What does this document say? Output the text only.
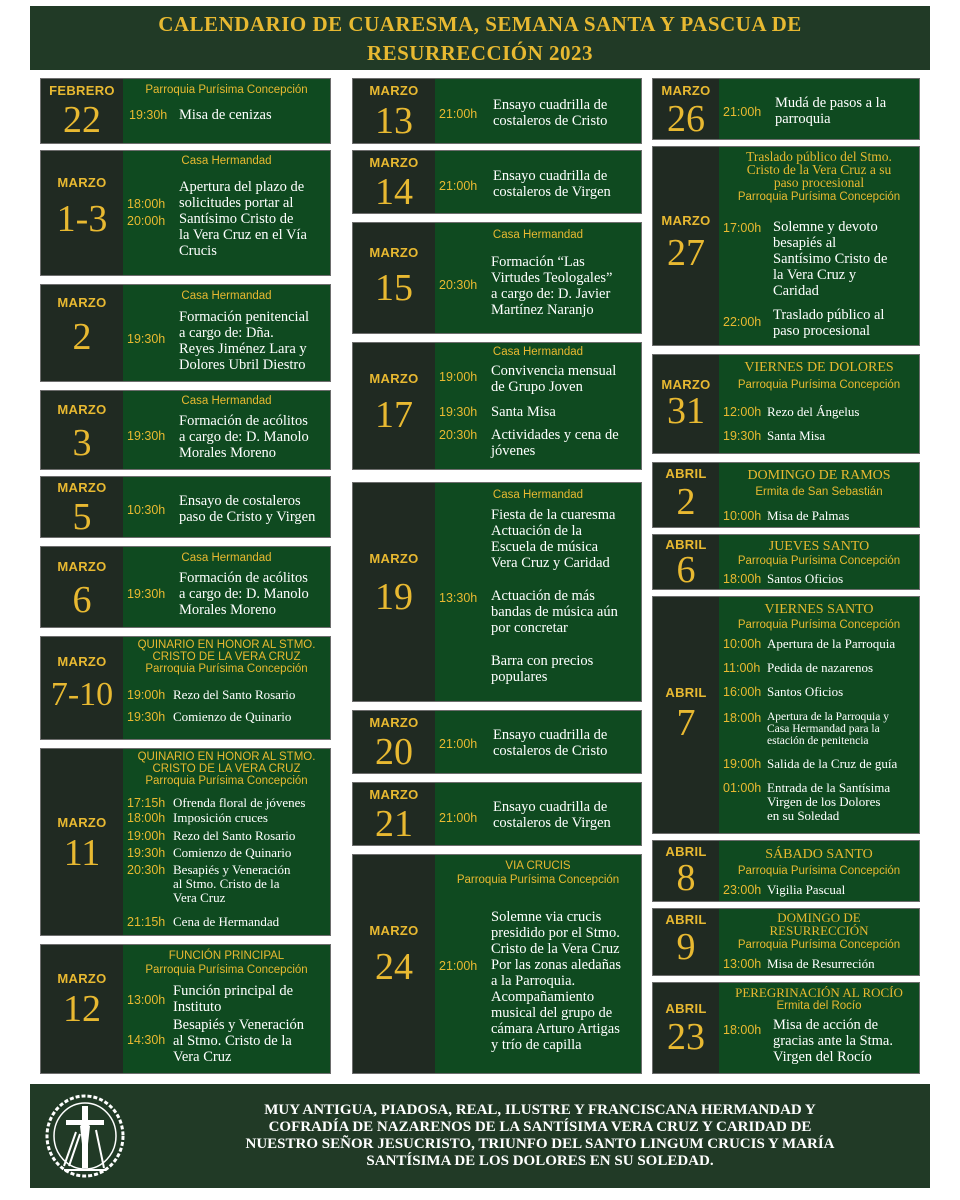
CALENDARIO DE CUARESMA, SEMANA SANTA Y PASCUA DE
RESURRECCIÓN 2023
FEBRERO
22
Parroquia Purísima Concepción
19:30h Misa de cenizas
MARZO
1-3
Casa Hermandad
18:00h
20:00h
Apertura del plazo de
solicitudes portar al
Santísimo Cristo de
la Vera Cruz en el Vía
Crucis
MARZO
2
Casa Hermandad
19:30h
Formación penitencial
a cargo de: Dña.
Reyes Jiménez Lara y
Dolores Ubril Diestro
MARZO
3
Casa Hermandad
19:30h
Formación de acólitos
a cargo de: D. Manolo
Morales Moreno
MARZO
5	10:30h
Ensayo de costaleros
paso de Cristo y Virgen
MARZO
6
Casa Hermandad
19:30h
Formación de acólitos
a cargo de: D. Manolo
Morales Moreno
MARZO
7-10
QUINARIO EN HONOR AL STMO.
CRISTO DE LA VERA CRUZ
Parroquia Purísima Concepción
19:00h Rezo del Santo Rosario
19:30h Comienzo de Quinario
MARZO
11
QUINARIO EN HONOR AL STMO.
CRISTO DE LA VERA CRUZ
Parroquia Purísima Concepción
17:15h Ofrenda floral de jóvenes
18:00h Imposición cruces
19:00h Rezo del Santo Rosario
19:30h Comienzo de Quinario
20:30h Besapiés y Veneración
al Stmo. Cristo de la
Vera Cruz
21:15h Cena de Hermandad
MARZO
12
FUNCIÓN PRINCIPAL
Parroquia Purísima Concepción
13:00h
Función principal de
Instituto
14:30h
Besapiés y Veneración
al Stmo. Cristo de la
Vera Cruz
MARZO
13	21:00h
Ensayo cuadrilla de
costaleros de Cristo
MARZO
14	21:00h
Ensayo cuadrilla de
costaleros de Virgen
MARZO
15
Casa Hermandad
20:30h
Formación “Las
Virtudes Teologales”
a cargo de: D. Javier
Martínez Naranjo
MARZO
17
Casa Hermandad
19:00h Convivencia mensual
de Grupo Joven
19:30h Santa Misa
20:30h Actividades y cena de
jóvenes
MARZO
19
Casa Hermandad
13:30h
Fiesta de la cuaresma
Actuación de la
Escuela de música
Vera Cruz y Caridad
Actuación de más
bandas de música aún
por concretar
Barra con precios
populares
MARZO
20	21:00h
Ensayo cuadrilla de
costaleros de Cristo
MARZO
21	21:00h
Ensayo cuadrilla de
costaleros de Virgen
MARZO
24
VIA CRUCIS
Parroquia Purísima Concepción
21:00h
Solemne via crucis
presidido por el Stmo.
Cristo de la Vera Cruz
Por las zonas aledañas
a la Parroquia.
Acompañamiento
musical del grupo de
cámara Arturo Artigas
y trío de capilla
MARZO
26	21:00h
Mudá de pasos a la
parroquia
MARZO
27
Traslado público del Stmo.
Cristo de la Vera Cruz a su
paso procesional
Parroquia Purísima Concepción
17:00h Solemne y devoto
besapiés al
Santísimo Cristo de
la Vera Cruz y
Caridad
22:00h Traslado público al
paso procesional
MARZO
31
VIERNES DE DOLORES
Parroquia Purísima Concepción
12:00h Rezo del Ángelus
19:30h Santa Misa
ABRIL
2
DOMINGO DE RAMOS
Ermita de San Sebastián
10:00h Misa de Palmas
ABRIL
6
JUEVES SANTO
Parroquia Purísima Concepción
18:00h Santos Oficios
ABRIL
7
VIERNES SANTO
Parroquia Purísima Concepción
10:00h Apertura de la Parroquia
11:00h Pedida de nazarenos
16:00h Santos Oficios
18:00h Apertura de la Parroquia y
Casa Hermandad para la
estación de penitencia
19:00h Salida de la Cruz de guía
01:00h Entrada de la Santísima
Virgen de los Dolores
en su Soledad
ABRIL
8
SÁBADO SANTO
Parroquia Purísima Concepción
23:00h Vigilia Pascual
ABRIL
9
DOMINGO DE
RESURRECCIÓN
Parroquia Purísima Concepción
13:00h Misa de Resurreción
ABRIL
23
PEREGRINACIÓN AL ROCÍO
Ermita del Rocío
18:00h Misa de acción de
gracias ante la Stma.
Virgen del Rocío
MUY ANTIGUA, PIADOSA, REAL, ILUSTRE Y FRANCISCANA HERMANDAD Y
COFRADÍA DE NAZARENOS DE LA SANTÍSIMA VERA CRUZ Y CARIDAD DE
NUESTRO SEÑOR JESUCRISTO, TRIUNFO DEL SANTO LINGUM CRUCIS Y MARÍA
SANTÍSIMA DE LOS DOLORES EN SU SOLEDAD.
